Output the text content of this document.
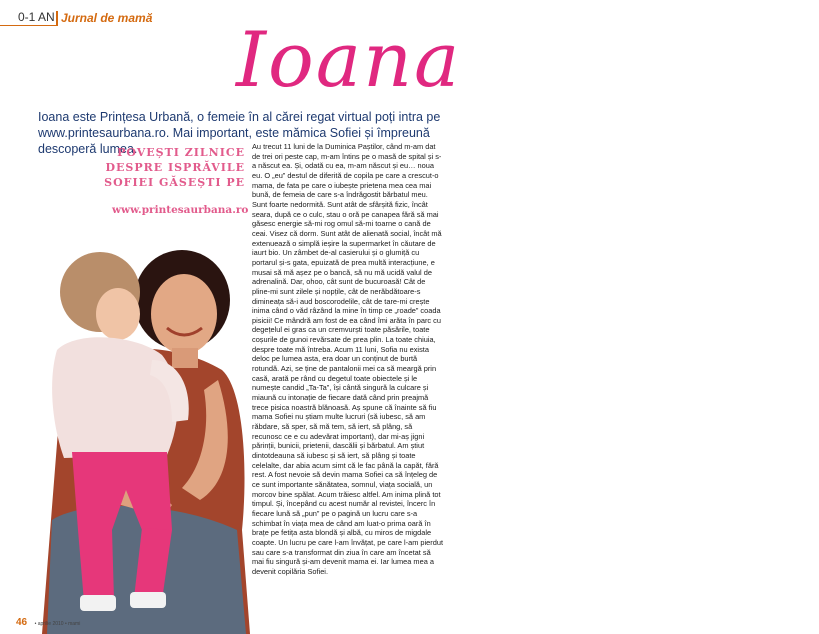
0-1 AN Jurnal de mamă Ioana
Ioana este Prințesa Urbană, o femeie în al cărei regat virtual poți intra pe www.printesaurbana.ro. Mai important, este mămica Sofiei și împreună descoperă lumea.
POVEȘTI ZILNICE DESPRE ISPRĂVILE SOFIEI GĂSEȘTI PE
www.printesaurbana.ro
Au trecut 11 luni de la Duminica Paștilor, când m-am dat de trei ori peste cap, m-am întins pe o masă de spital și s-a născut ea. Și, odată cu ea, m-am născut și eu… noua eu. O „eu” destul de diferită de copila pe care a crescut-o mama, de fata pe care o iubește prietena mea cea mai bună, de femeia de care s-a îndrăgostit bărbatul meu. Sunt foarte nedormită. Sunt atât de sfârșită fizic, încât seara, după ce o culc, stau o oră pe canapea fără să mai găsesc energie să-mi rog omul să-mi toarne o cană de ceai. Visez că dorm. Sunt atât de alienată social, încât mă extenuează o simplă ieșire la supermarket în căutare de iaurt bio. Un zâmbet de-al casierului și o glumiță cu portarul și-s gata, epuizată de prea multă interacțiune, e musai să mă așez pe o bancă, să nu mă ucidă valul de adrenalină. Dar, ohoo, cât sunt de bucuroasă! Cât de pline-mi sunt zilele și nopțile, cât de nerăbdătoare-s dimineața să-i aud boscorodelile, cât de tare-mi crește inima când o văd râzând la mine în timp ce „roade” coada pisicii! Ce mândră am fost de ea când îmi arăta în parc cu degețelul ei gras ca un cremvurști toate păsările, toate coșurile de gunoi revărsate de prea plin. La toate chiuia, despre toate mă întreba. Acum 11 luni, Sofia nu exista deloc pe lumea asta, era doar un conținut de burtă rotundă. Azi, se ține de pantalonii mei ca să meargă prin casă, arată pe rând cu degetul toate obiectele și le numește candid „Ta-Ta”, își cântă singură la culcare și miaună cu intonație de fiecare dată când prin preajmă trece pisica noastră blănoasă. Aș spune că înainte să fiu mama Sofiei nu știam multe lucruri (să iubesc, să am răbdare, să sper, să mă tem, să iert, să plâng, să recunosc ce e cu adevărat important), dar mi-aș jigni părinții, bunicii, prietenii, dascălii și bărbatul. Am știut dintotdeauna să iubesc și să iert, să plâng și toate celelalte, dar abia acum simt că le fac până la capăt, fără rest. A fost nevoie să devin mama Sofiei ca să înțeleg de ce sunt importante sănătatea, somnul, viața socială, un morcov bine spălat. Acum trăiesc altfel. Am inima plină tot timpul. Și, începând cu acest număr al revistei, încerc în fiecare lună să „pun” pe o pagină un lucru care s-a schimbat în viața mea de când am luat-o prima oară în brațe pe fetița asta blondă și albă, cu miros de migdale coapte. Un lucru pe care l-am învățat, pe care l-am pierdut sau care s-a transformat din ziua în care am încetat să mai fiu singură și-am devenit mama ei. Iar lumea mea a devenit copilăria Sofiei.
46 • aprilie 2010 • mami
